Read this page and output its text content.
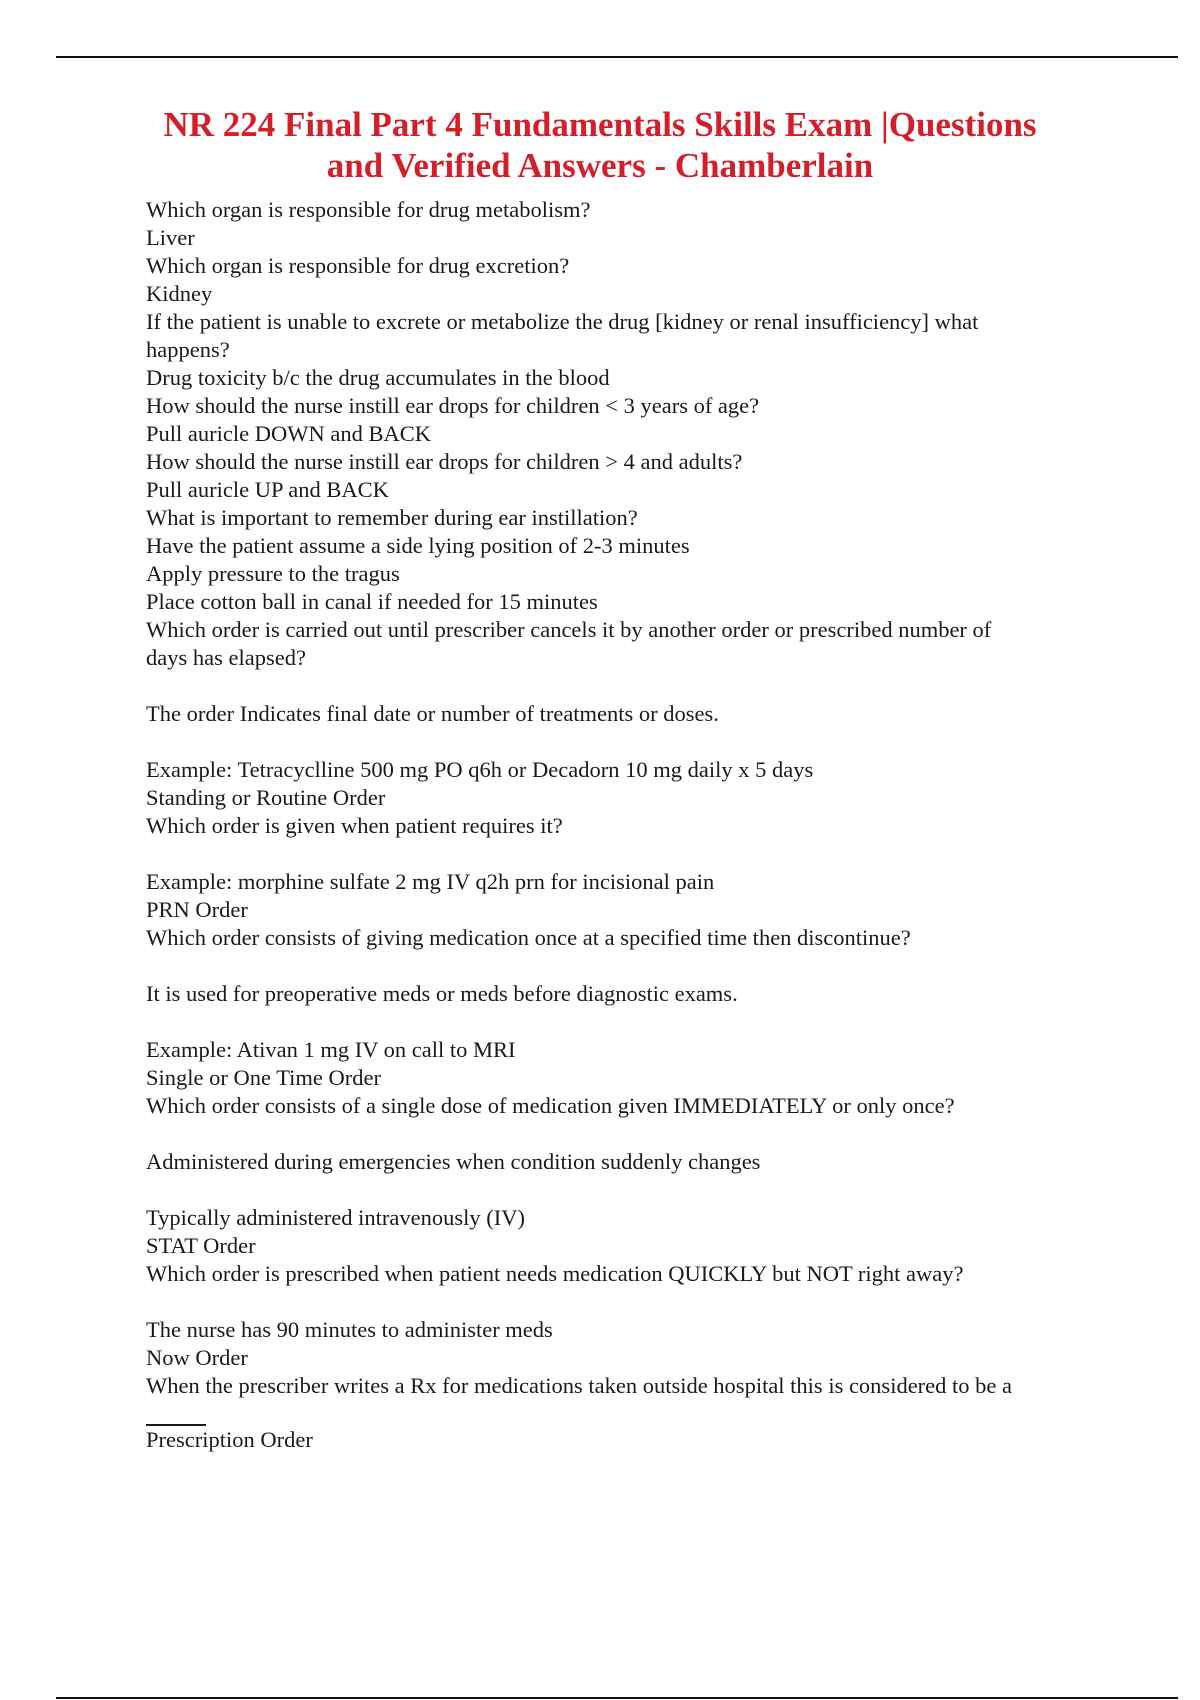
NR 224 Final Part 4 Fundamentals Skills Exam |Questions
and Verified Answers - Chamberlain
Which organ is responsible for drug metabolism?
Liver
Which organ is responsible for drug excretion?
Kidney
If the patient is unable to excrete or metabolize the drug [kidney or renal insufficiency] what
happens?
Drug toxicity b/c the drug accumulates in the blood
How should the nurse instill ear drops for children < 3 years of age?
Pull auricle DOWN and BACK
How should the nurse instill ear drops for children > 4 and adults?
Pull auricle UP and BACK
What is important to remember during ear instillation?
Have the patient assume a side lying position of 2-3 minutes
Apply pressure to the tragus
Place cotton ball in canal if needed for 15 minutes
Which order is carried out until prescriber cancels it by another order or prescribed number of
days has elapsed?
The order Indicates final date or number of treatments or doses.
Example: Tetracyclline 500 mg PO q6h or Decadorn 10 mg daily x 5 days
Standing or Routine Order
Which order is given when patient requires it?
Example: morphine sulfate 2 mg IV q2h prn for incisional pain
PRN Order
Which order consists of giving medication once at a specified time then discontinue?
It is used for preoperative meds or meds before diagnostic exams.
Example: Ativan 1 mg IV on call to MRI
Single or One Time Order
Which order consists of a single dose of medication given IMMEDIATELY or only once?
Administered during emergencies when condition suddenly changes
Typically administered intravenously (IV)
STAT Order
Which order is prescribed when patient needs medication QUICKLY but NOT right away?
The nurse has 90 minutes to administer meds
Now Order
When the prescriber writes a Rx for medications taken outside hospital this is considered to be a
Prescription Order
